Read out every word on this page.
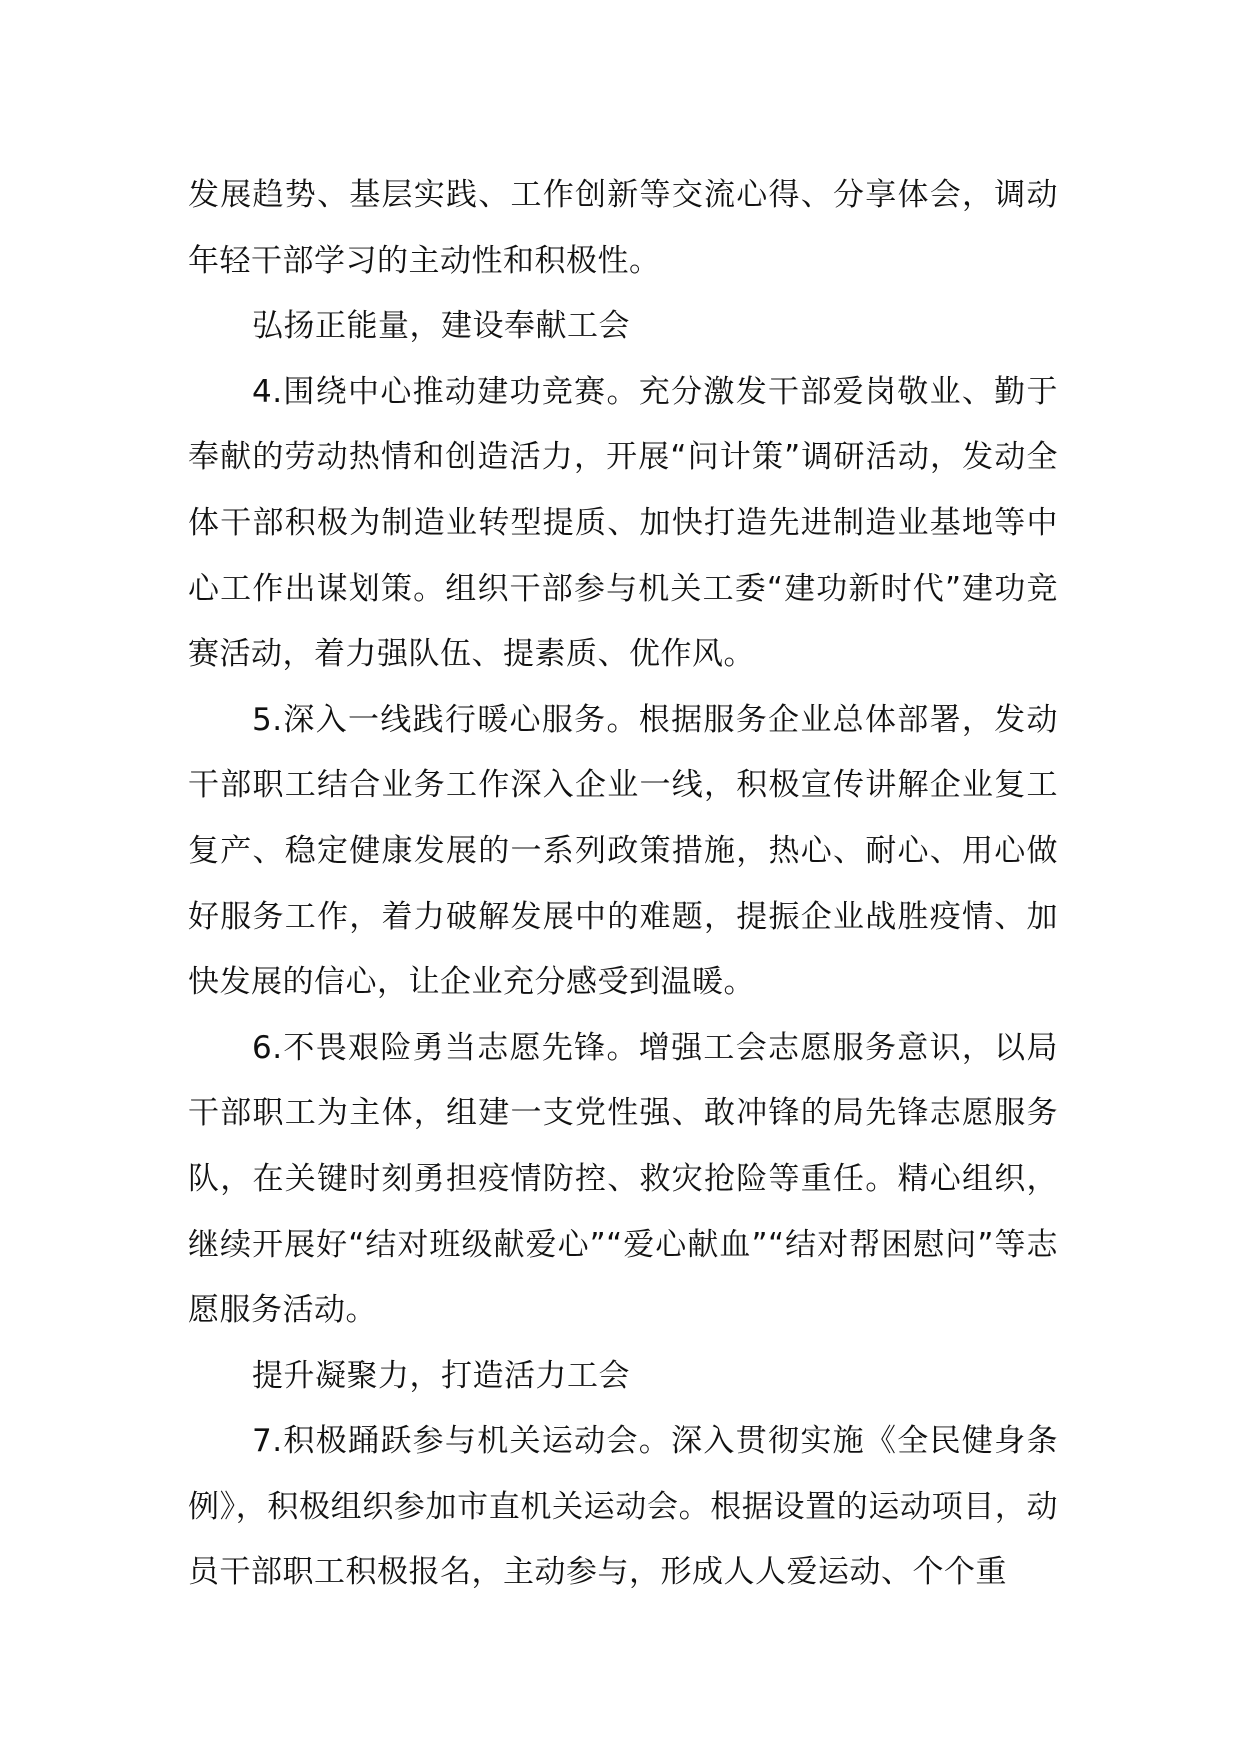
发展趋势、基层实践、工作创新等交流心得、分享体会，调动年轻干部学习的主动性和积极性。

弘扬正能量，建设奉献工会

4.围绕中心推动建功竞赛。充分激发干部爱岗敬业、勤于奉献的劳动热情和创造活力，开展“问计策”调研活动，发动全体干部积极为制造业转型提质、加快打造先进制造业基地等中心工作出谋划策。组织干部参与机关工委“建功新时代”建功竞赛活动，着力强队伍、提素质、优作风。

5.深入一线践行暖心服务。根据服务企业总体部署，发动干部职工结合业务工作深入企业一线，积极宣传讲解企业复工复产、稳定健康发展的一系列政策措施，热心、耐心、用心做好服务工作，着力破解发展中的难题，提振企业战胜疫情、加快发展的信心，让企业充分感受到温暖。

6.不畏艰险勇当志愿先锋。增强工会志愿服务意识，以局干部职工为主体，组建一支党性强、敢冲锋的局先锋志愿服务队，在关键时刻勇担疫情防控、救灾抢险等重任。精心组织，继续开展好“结对班级献爱心”“爱心献血”“结对帮困慰问”等志愿服务活动。

提升凝聚力，打造活力工会

7.积极踊跃参与机关运动会。深入贯彻实施《全民健身条例》，积极组织参加市直机关运动会。根据设置的运动项目，动员干部职工积极报名，主动参与，形成人人爱运动、个个重
